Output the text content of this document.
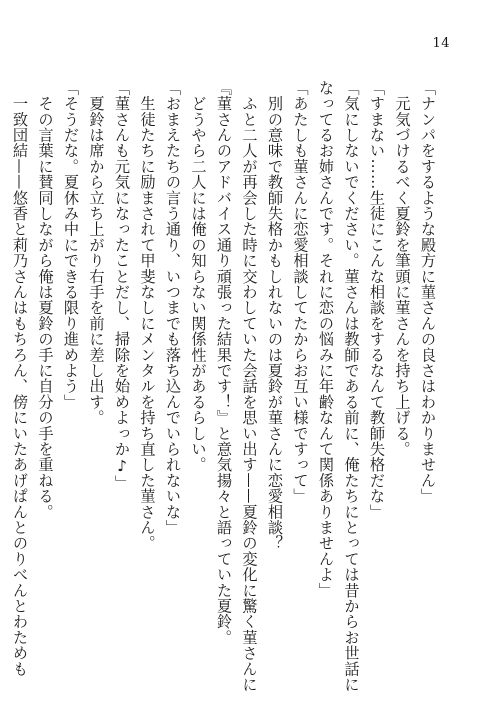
14
「ナンパをするような殿方に菫さんの良さはわかりません」
　元気づけるべく夏鈴を筆頭に菫さんを持ち上げる。
「すまない……生徒にこんな相談をするなんて教師失格だな」
「気にしないでください。菫さんは教師である前に、俺たちにとっては昔からお世話に
なってるお姉さんです。それに恋の悩みに年齢なんて関係ありませんよ」
「あたしも菫さんに恋愛相談してたからお互い様ですって」
　別の意味で教師失格かもしれないのは夏鈴が菫さんに恋愛相談？
　ふと二人が再会した時に交わしていた会話を思い出す——夏鈴の変化に驚く菫さんに
『菫さんのアドバイス通り頑張った結果です！』と意気揚々と語っていた夏鈴。
　どうやら二人には俺の知らない関係性があるらしい。
「おまえたちの言う通り、いつまでも落ち込んでいられないな」
　生徒たちに励まされて甲斐なしにメンタルを持ち直した菫さん。
「菫さんも元気になったことだし、掃除を始めよっか♪」
　夏鈴は席から立ち上がり右手を前に差し出す。
「そうだな。夏休み中にできる限り進めよう」
　その言葉に賛同しながら俺は夏鈴の手に自分の手を重ねる。
　一致団結——悠香と莉乃さんはもちろん、傍にいたあげぱんとのりべんとわためも
